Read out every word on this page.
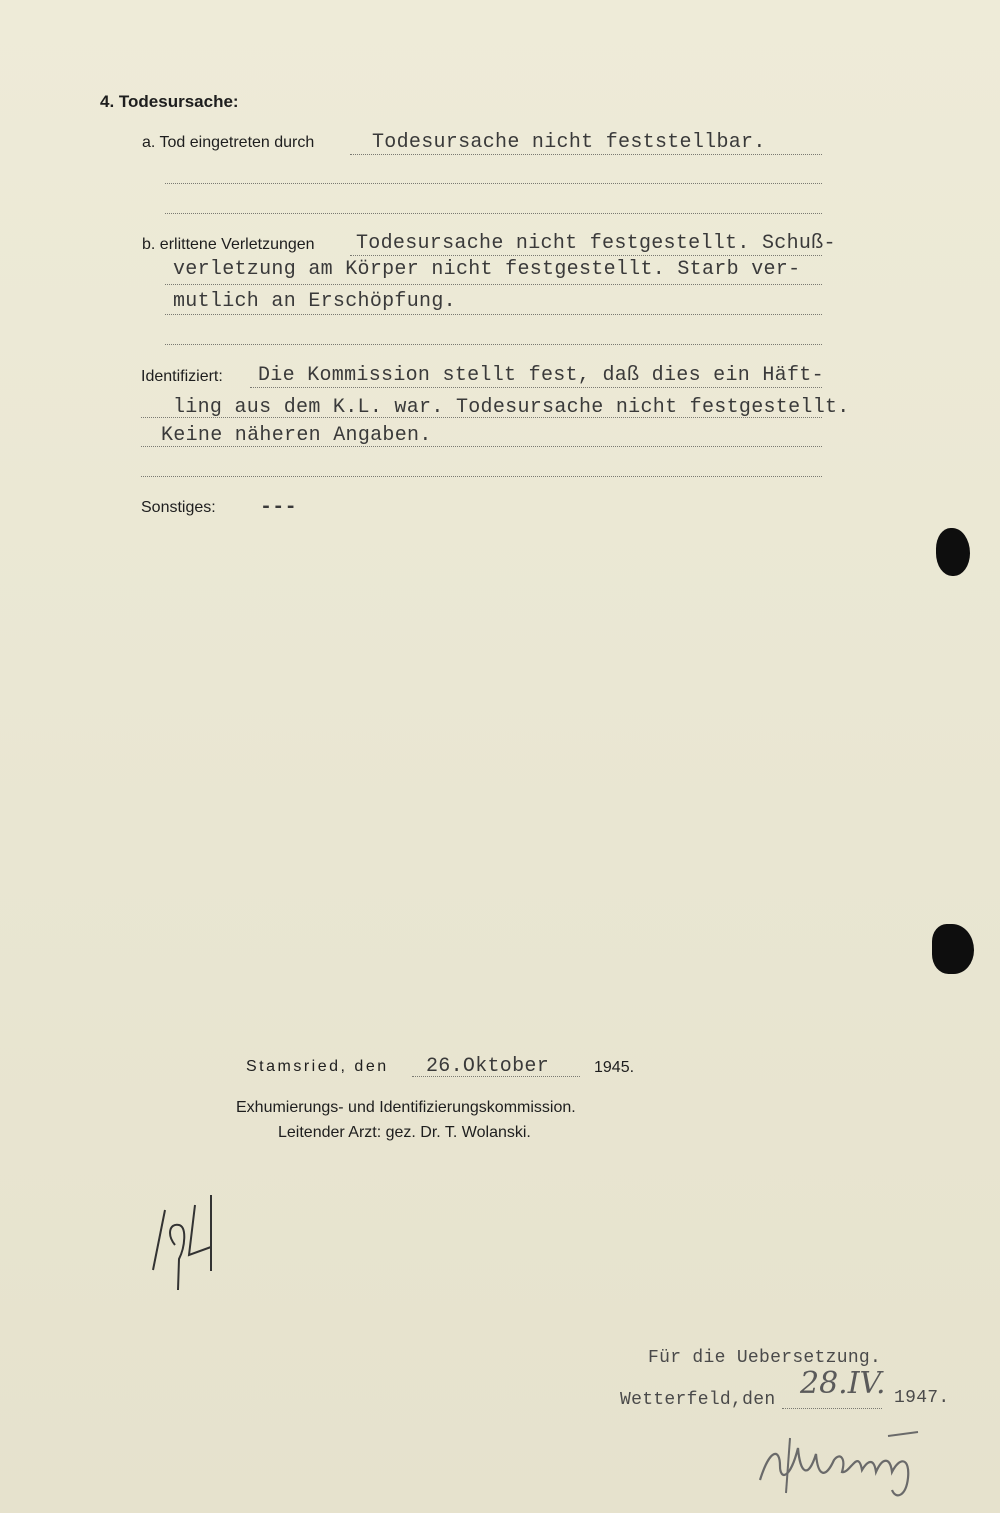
4. Todesursache:
a. Tod eingetreten durch	Todesursache nicht feststellbar.
b. erlittene Verletzungen Todesursache nicht festgestellt. Schuß-
verletzung am Körper nicht festgestellt. Starb ver-
mutlich an Erschöpfung.
Identifiziert: Die Kommission stellt fest, daß dies ein Häft-
ling aus dem K.L. war. Todesursache nicht festgestellt.
Keine näheren Angaben.
Sonstiges: ---
Stamsried, den 26.Oktober	1945.
Exhumierungs- und Identifizierungskommission.
Leitender Arzt: gez. Dr. T. Wolanski.
Für die Uebersetzung.
Wetterfeld,den 28.IV. 1947.
